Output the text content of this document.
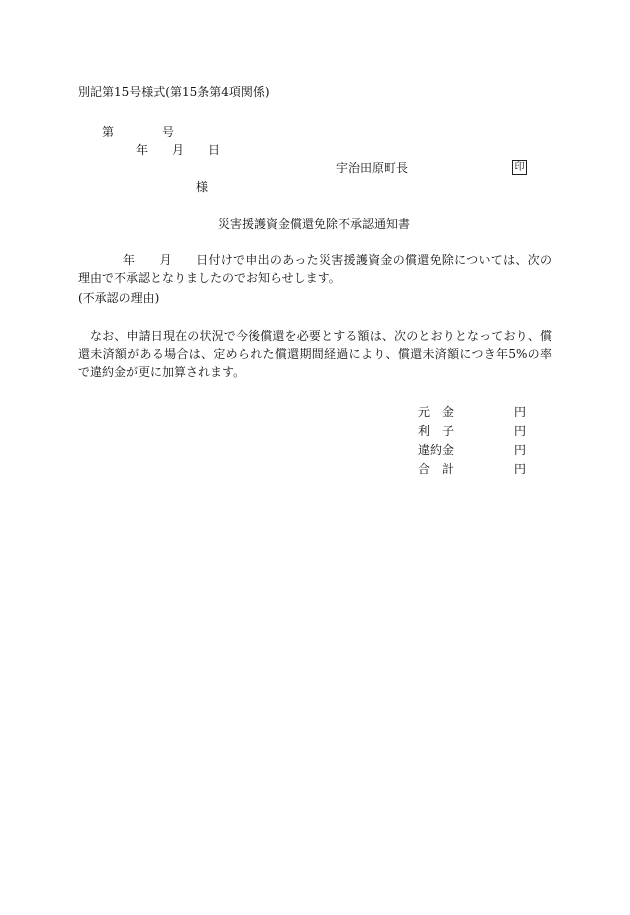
別記第15号様式(第15条第4項関係)
第	号
年 月 日
宇治田原町長	印
様
災害援護資金償還免除不承認通知書
年 月 日付けで申出のあった災害援護資金の償還免除については、次の理由で不承認となりましたのでお知らせします。
(不承認の理由)
なお、申請日現在の状況で今後償還を必要とする額は、次のとおりとなっており、償還未済額がある場合は、定められた償還期間経過により、償還未済額につき年5%の率で違約金が更に加算されます。
元 金	円
利 子	円
違約金	円
合 計	円
